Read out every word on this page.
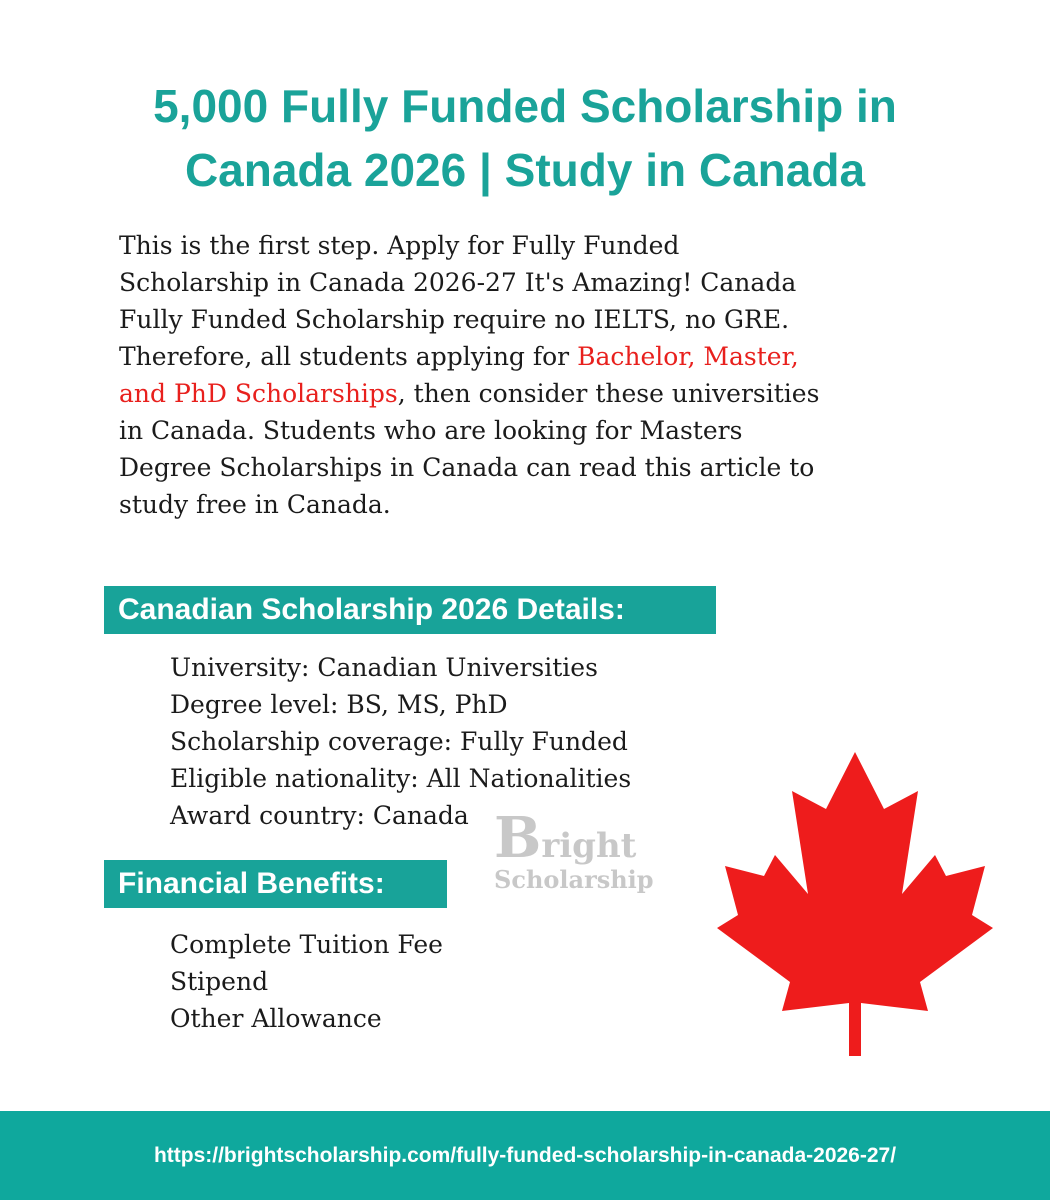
5,000 Fully Funded Scholarship in
Canada 2026 | Study in Canada

This is the first step. Apply for Fully Funded
Scholarship in Canada 2026-27 It's Amazing! Canada
Fully Funded Scholarship require no IELTS, no GRE.
Therefore, all students applying for Bachelor, Master,
and PhD Scholarships, then consider these universities
in Canada. Students who are looking for Masters
Degree Scholarships in Canada can read this article to
study free in Canada.

Canadian Scholarship 2026 Details:
University: Canadian Universities
Degree level: BS, MS, PhD
Scholarship coverage: Fully Funded
Eligible nationality: All Nationalities
Award country: Canada Bright
Scholarship
Financial Benefits:
Complete Tuition Fee
Stipend
Other Allowance
https://brightscholarship.com/fully-funded-scholarship-in-canada-2026-27/
